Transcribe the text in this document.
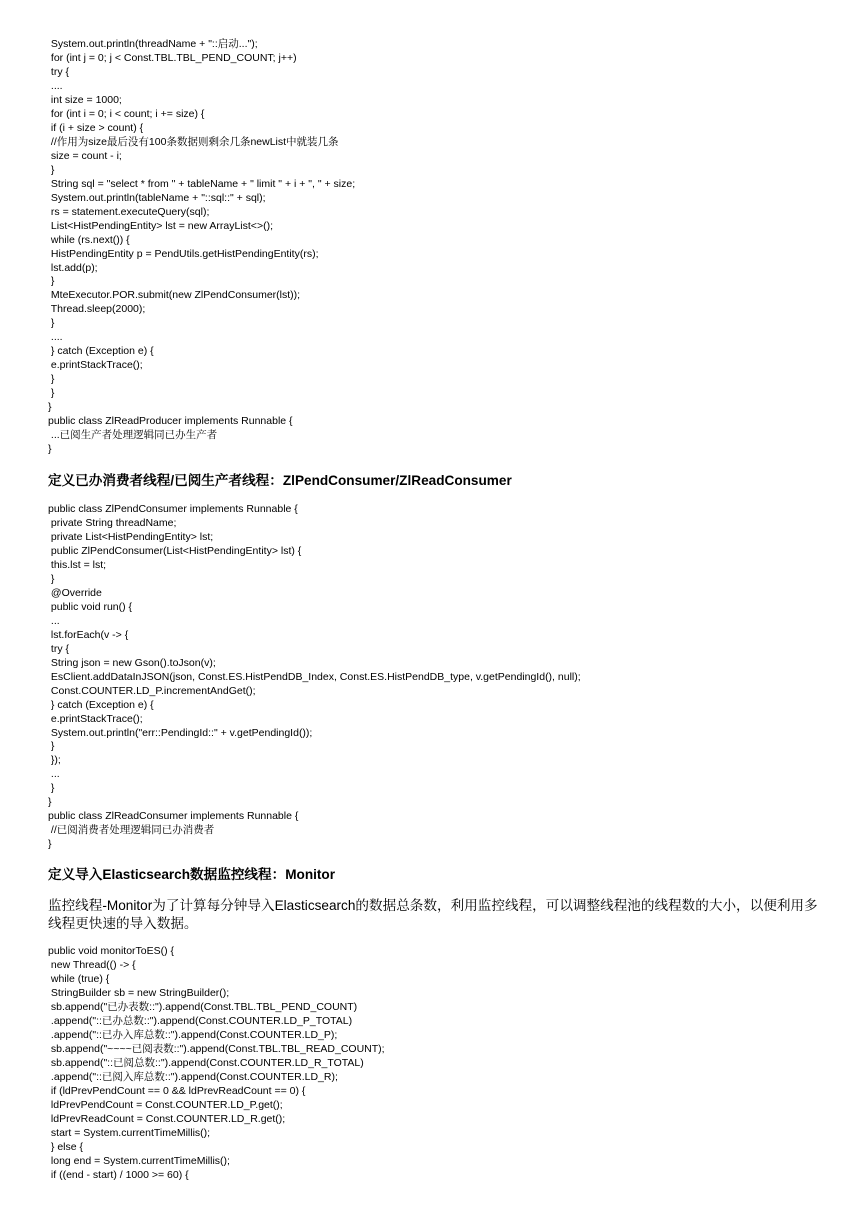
System.out.println(threadName + "::启动...");
for (int j = 0; j < Const.TBL.TBL_PEND_COUNT; j++)
try {
....
int size = 1000;
for (int i = 0; i < count; i += size) {
if (i + size > count) {
//作用为size最后没有100条数据则剩余几条newList中就装几条
size = count - i;
}
String sql = "select * from " + tableName + " limit " + i + ", " + size;
System.out.println(tableName + "::sql::" + sql);
rs = statement.executeQuery(sql);
List<HistPendingEntity> lst = new ArrayList<>();
while (rs.next()) {
HistPendingEntity p = PendUtils.getHistPendingEntity(rs);
lst.add(p);
}
MteExecutor.POR.submit(new ZlPendConsumer(lst));
Thread.sleep(2000);
}
....
} catch (Exception e) {
e.printStackTrace();
}
}
}
public class ZlReadProducer implements Runnable {
...已阅生产者处理逻辑同已办生产者
}
定义已办消费者线程/已阅生产者线程：ZlPendConsumer/ZlReadConsumer
public class ZlPendConsumer implements Runnable {
private String threadName;
private List<HistPendingEntity> lst;
public ZlPendConsumer(List<HistPendingEntity> lst) {
this.lst = lst;
}
@Override
public void run() {
...
lst.forEach(v -> {
try {
String json = new Gson().toJson(v);
EsClient.addDataInJSON(json, Const.ES.HistPendDB_Index, Const.ES.HistPendDB_type, v.getPendingId(), null);
Const.COUNTER.LD_P.incrementAndGet();
} catch (Exception e) {
e.printStackTrace();
System.out.println("err::PendingId::" + v.getPendingId());
}
});
...
}
}
public class ZlReadConsumer implements Runnable {
//已阅消费者处理逻辑同已办消费者
}
定义导入Elasticsearch数据监控线程：Monitor

监控线程-Monitor为了计算每分钟导入Elasticsearch的数据总条数，利用监控线程，可以调整线程池的线程数的大小，以便利用多线程更快速的导入数据。

public void monitorToES() {
new Thread(() -> {
while (true) {
StringBuilder sb = new StringBuilder();
sb.append("已办表数::").append(Const.TBL.TBL_PEND_COUNT)
.append("::已办总数::").append(Const.COUNTER.LD_P_TOTAL)
.append("::已办入库总数::").append(Const.COUNTER.LD_P);
sb.append("~~~~已阅表数::").append(Const.TBL.TBL_READ_COUNT);
sb.append("::已阅总数::").append(Const.COUNTER.LD_R_TOTAL)
.append("::已阅入库总数::").append(Const.COUNTER.LD_R);
if (ldPrevPendCount == 0 && ldPrevReadCount == 0) {
ldPrevPendCount = Const.COUNTER.LD_P.get();
ldPrevReadCount = Const.COUNTER.LD_R.get();
start = System.currentTimeMillis();
} else {
long end = System.currentTimeMillis();
if ((end - start) / 1000 >= 60) {
